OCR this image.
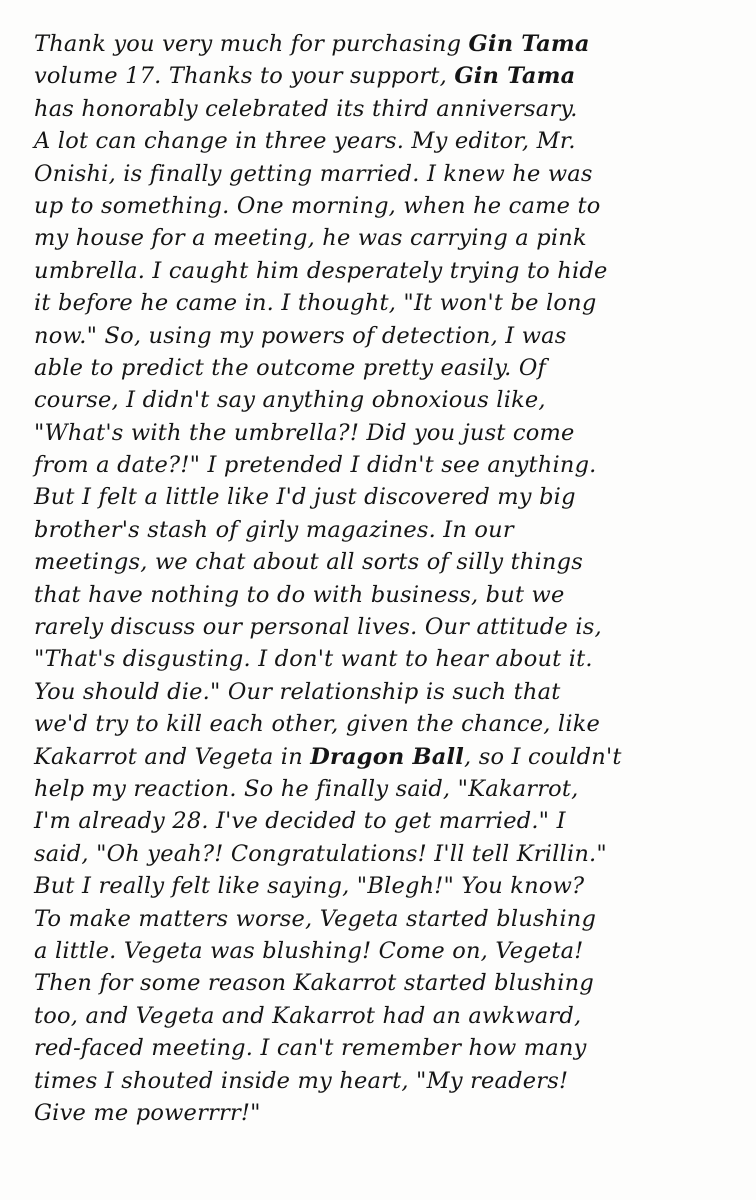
Thank you very much for purchasing Gin Tama
volume 17. Thanks to your support, Gin Tama
has honorably celebrated its third anniversary.
A lot can change in three years. My editor, Mr.
Onishi, is finally getting married. I knew he was
up to something. One morning, when he came to
my house for a meeting, he was carrying a pink
umbrella. I caught him desperately trying to hide
it before he came in. I thought, "It won't be long
now." So, using my powers of detection, I was
able to predict the outcome pretty easily. Of
course, I didn't say anything obnoxious like,
"What's with the umbrella?! Did you just come
from a date?!" I pretended I didn't see anything.
But I felt a little like I'd just discovered my big
brother's stash of girly magazines. In our
meetings, we chat about all sorts of silly things
that have nothing to do with business, but we
rarely discuss our personal lives. Our attitude is,
"That's disgusting. I don't want to hear about it.
You should die." Our relationship is such that
we'd try to kill each other, given the chance, like
Kakarrot and Vegeta in Dragon Ball, so I couldn't
help my reaction. So he finally said, "Kakarrot,
I'm already 28. I've decided to get married." I
said, "Oh yeah?! Congratulations! I'll tell Krillin."
But I really felt like saying, "Blegh!" You know?
To make matters worse, Vegeta started blushing
a little. Vegeta was blushing! Come on, Vegeta!
Then for some reason Kakarrot started blushing
too, and Vegeta and Kakarrot had an awkward,
red-faced meeting. I can't remember how many
times I shouted inside my heart, "My readers!
Give me powerrrr!"
